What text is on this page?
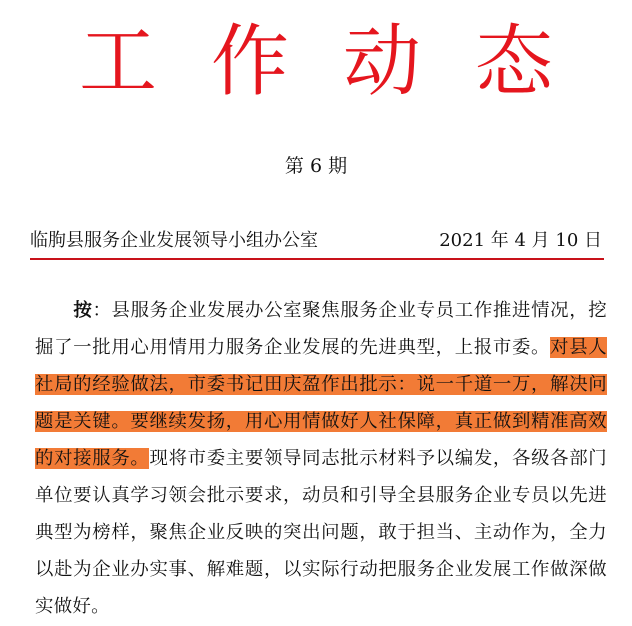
工 作 动 态
第 6 期
临朐县服务企业发展领导小组办公室	2021 年 4 月 10 日
按：县服务企业发展办公室聚焦服务企业专员工作推进情况，挖掘了一批用心用情用力服务企业发展的先进典型，上报市委。对县人社局的经验做法，市委书记田庆盈作出批示：说一千道一万，解决问题是关键。要继续发扬，用心用情做好人社保障，真正做到精准高效的对接服务。现将市委主要领导同志批示材料予以编发，各级各部门单位要认真学习领会批示要求，动员和引导全县服务企业专员以先进典型为榜样，聚焦企业反映的突出问题，敢于担当、主动作为，全力以赴为企业办实事、解难题，以实际行动把服务企业发展工作做深做实做好。
